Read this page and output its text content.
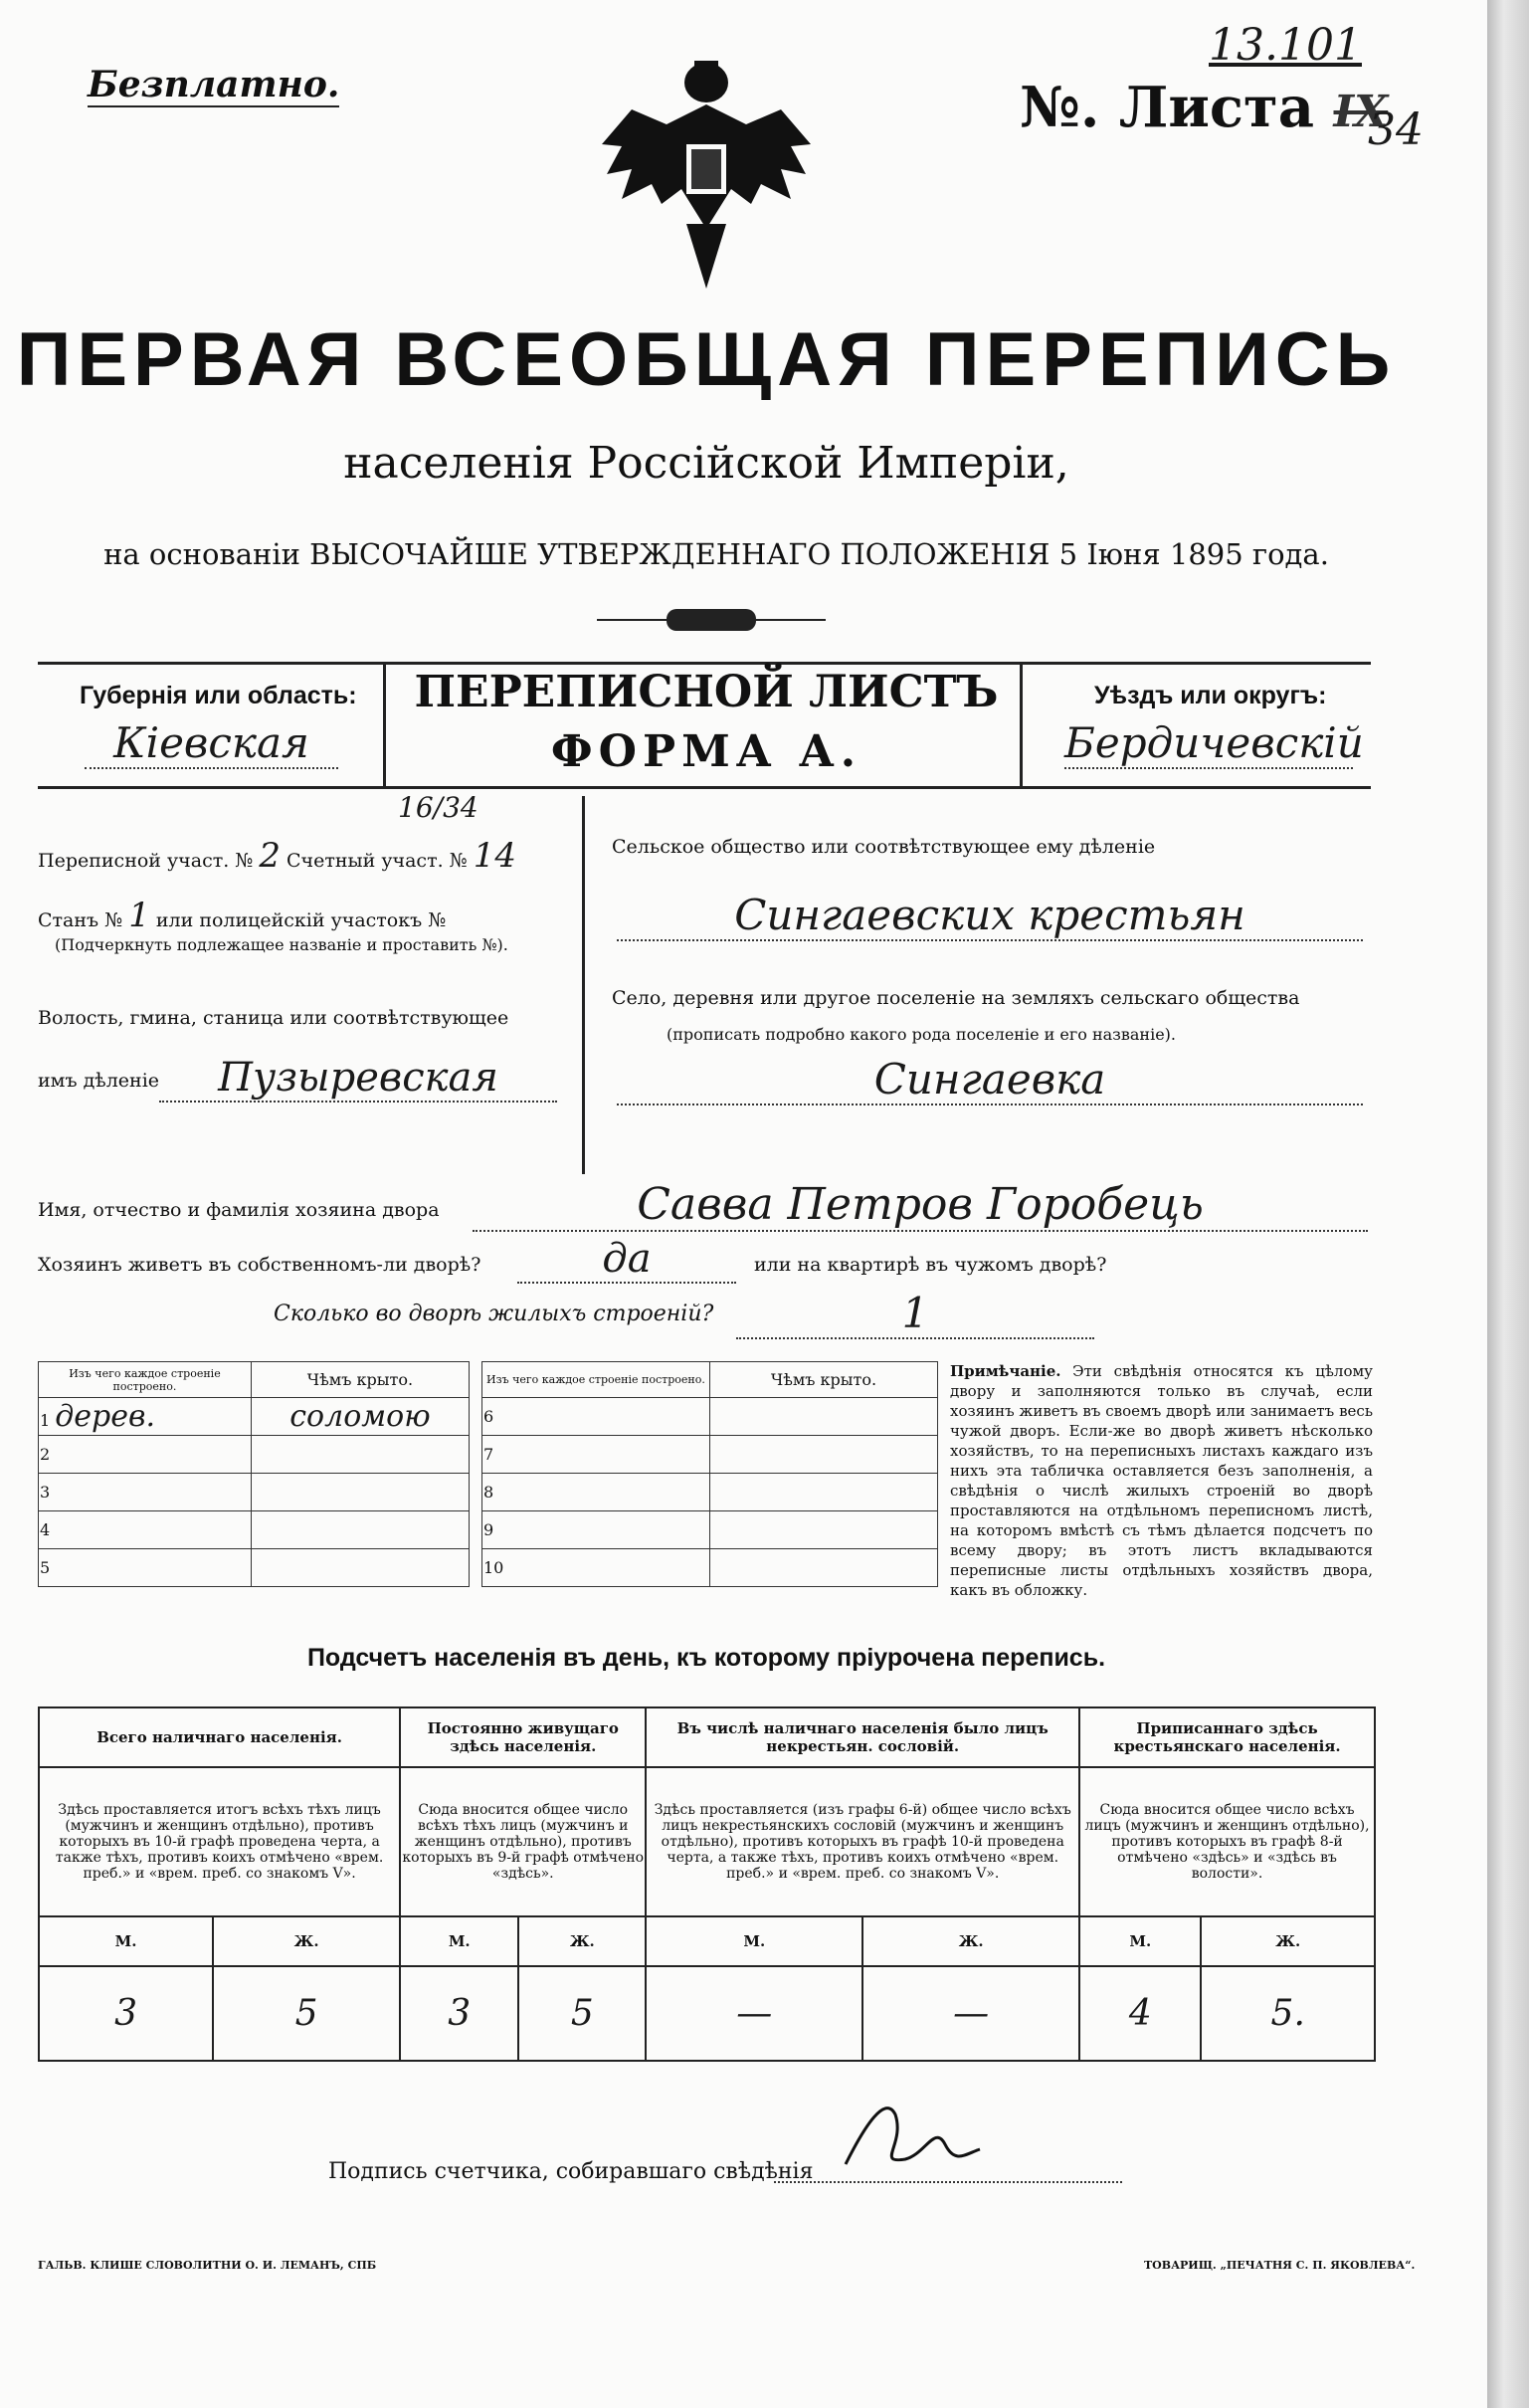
Безплатно.	№. Листа IX
13.101
34
ПЕРВАЯ ВСЕОБЩАЯ ПЕРЕПИСЬ
населенія Россійской Имперіи,
на основаніи ВЫСОЧАЙШЕ УТВЕРЖДЕННАГО ПОЛОЖЕНІЯ 5 Іюня 1895 года.
Губернія или область:
Кіевская
ПЕРЕПИСНОЙ ЛИСТЪ
ФОРМА А.
Уѣздъ или округъ:
Бердичевскій
16/34
Переписной участ. № 2 Счетный участ. № 14
Станъ № 1 или полицейскій участокъ №
(Подчеркнуть подлежащее названіе и проставить №).
Волость, гмина, станица или соотвѣтствующее
имъ дѣленіе	Пузыревская
Сельское общество или соотвѣтствующее ему дѣленіе
Сингаевских крестьян
Село, деревня или другое поселеніе на земляхъ сельскаго общества
(прописать подробно какого рода поселеніе и его названіе).
Сингаевка
Имя, отчество и фамилія хозяина двора	Савва Петров Горобець
Хозяинъ живетъ въ собственномъ-ли дворѣ?	да	или на квартирѣ въ чужомъ дворѣ?
Сколько во дворѣ жилыхъ строеній?	1
Изъ чего каждое строеніе построено.	Чѣмъ крыто.		Изъ чего каждое строеніе построено.	Чѣмъ крыто.
1 дерев.	соломою		6	
2			7	
3			8	
4			9	
5			10	
Примѣчаніе. Эти свѣдѣнія относятся къ цѣлому двору и заполняются только въ случаѣ, если хозяинъ живетъ въ своемъ дворѣ или занимаетъ весь чужой дворъ. Если-же во дворѣ живетъ нѣсколько хозяйствъ, то на переписныхъ листахъ каждаго изъ нихъ эта табличка оставляется безъ заполненія, а свѣдѣнія о числѣ жилыхъ строеній во дворѣ проставляются на отдѣльномъ переписномъ листѣ, на которомъ вмѣстѣ съ тѣмъ дѣлается подсчетъ по всему двору; въ этотъ листъ вкладываются переписные листы отдѣльныхъ хозяйствъ двора, какъ въ обложку.
Подсчетъ населенія въ день, къ которому пріурочена перепись.
Всего наличнаго населенія.		Постоянно живущаго здѣсь населенія.		Въ числѣ наличнаго населенія было лицъ некрестьян. сословій.		Приписаннаго здѣсь крестьянскаго населенія.	
Здѣсь проставляется итогъ всѣхъ тѣхъ лицъ (мужчинъ и женщинъ отдѣльно), противъ которыхъ въ 10-й графѣ проведена черта, а также тѣхъ, противъ коихъ отмѣчено «врем. преб.» и «врем. преб. со знакомъ V».		Сюда вносится общее число всѣхъ тѣхъ лицъ (мужчинъ и женщинъ отдѣльно), противъ которыхъ въ 9-й графѣ отмѣчено «здѣсь».		Здѣсь проставляется (изъ графы 6-й) общее число всѣхъ лицъ некрестьянскихъ сословій (мужчинъ и женщинъ отдѣльно), противъ которыхъ въ графѣ 10-й проведена черта, а также тѣхъ, противъ коихъ отмѣчено «врем. преб.» и «врем. преб. со знакомъ V».		Сюда вносится общее число всѣхъ лицъ (мужчинъ и женщинъ отдѣльно), противъ которыхъ въ графѣ 8-й отмѣчено «здѣсь» и «здѣсь въ волости».	
М.	Ж.	М.	Ж.	М.	Ж.	М.	Ж.
3	5	3	5	—	—	4	5.
Подпись счетчика, собиравшаго свѣдѣнія
ГАЛЬВ. КЛИШЕ СЛОВОЛИТНИ О. И. ЛЕМАНЪ, СПБ	ТОВАРИЩ. „ПЕЧАТНЯ С. П. ЯКОВЛЕВА“.
